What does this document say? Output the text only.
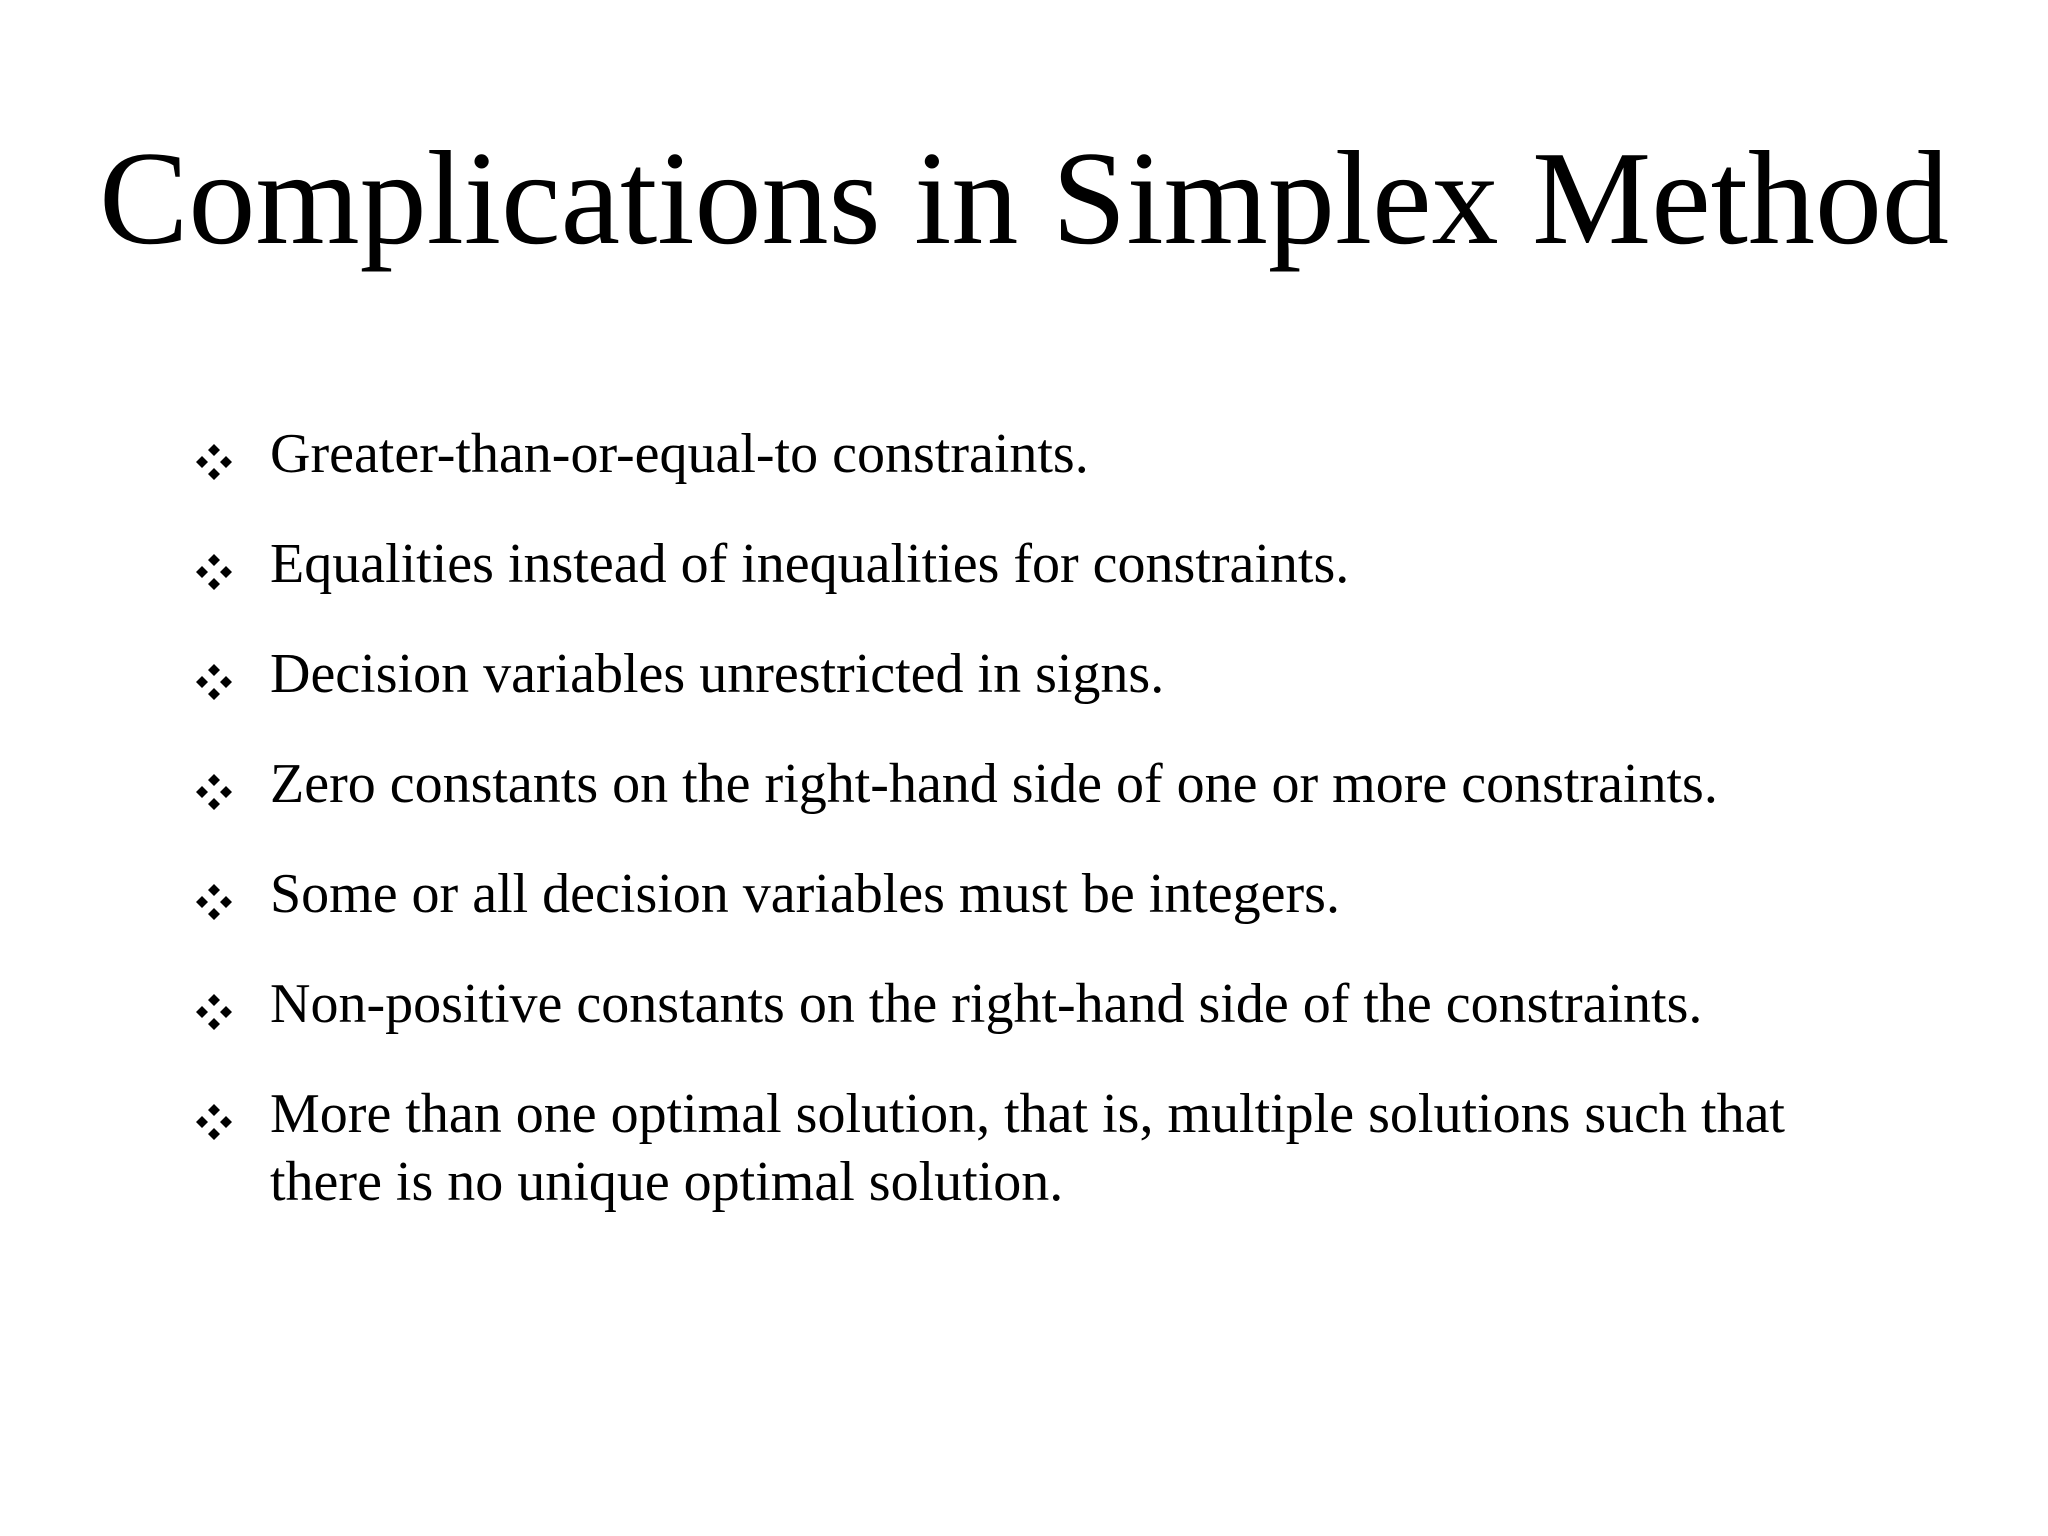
Complications in Simplex Method
Greater-than-or-equal-to constraints.
Equalities instead of inequalities for constraints.
Decision variables unrestricted in signs.
Zero constants on the right-hand side of one or more constraints.
Some or all decision variables must be integers.
Non-positive constants on the right-hand side of the constraints.
More than one optimal solution, that is, multiple solutions such that there is no unique optimal solution.
